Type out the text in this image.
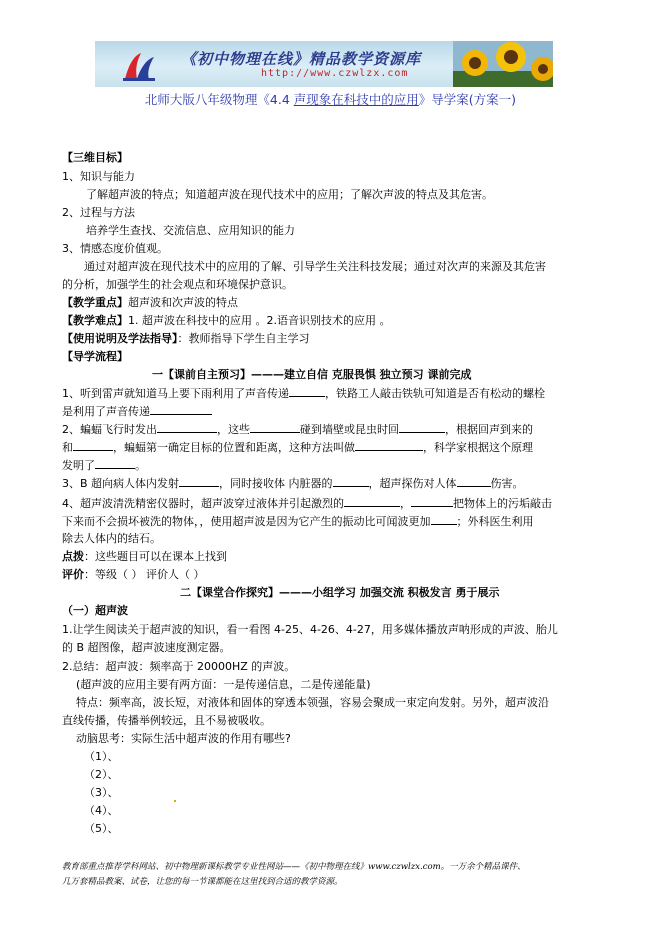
《初中物理在线》精品教学资源库
http://www.czwlzx.com
北师大版八年级物理《4.4 声现象在科技中的应用》导学案(方案一)
【三维目标】
1、知识与能力
了解超声波的特点；知道超声波在现代技术中的应用；了解次声波的特点及其危害。
2、过程与方法
培养学生查找、交流信息、应用知识的能力
3、情感态度价值观。
通过对超声波在现代技术中的应用的了解、引导学生关注科技发展；通过对次声的来源及其危害
的分析，加强学生的社会观点和环境保护意识。
【教学重点】超声波和次声波的特点
【教学难点】1. 超声波在科技中的应用 。2.语音识别技术的应用 。
【使用说明及学法指导】：教师指导下学生自主学习
【导学流程】
一【课前自主预习】———建立自信 克服畏惧 独立预习 课前完成
1、听到雷声就知道马上要下雨利用了声音传递	，铁路工人敲击铁轨可知道是否有松动的螺栓
是利用了声音传递
2、蝙蝠飞行时发出	，这些	碰到墙壁或昆虫时回	，根据回声到来的
和	，蝙蝠第一确定目标的位置和距离，这种方法叫做	，科学家根据这个原理
发明了	。
3、B 超向病人体内发射	，同时接收体 内脏器的	，超声探伤对人体	伤害。
4、超声波清洗精密仪器时，超声波穿过液体并引起激烈的	，	把物体上的污垢敲击
下来而不会损坏被洗的物体，，使用超声波是因为它产生的振动比可闻波更加 ；外科医生利用
除去人体内的结石。
点拨：这些题目可以在课本上找到
评价：等级（ ） 评价人（ ）
二【课堂合作探究】———小组学习 加强交流 积极发言 勇于展示
（一）超声波
1.让学生阅读关于超声波的知识，看一看图 4-25、4-26、4-27，用多媒体播放声呐形成的声波、胎儿
的 B 超图像，超声波速度测定器。
2.总结：超声波：频率高于 20000HZ 的声波。
(超声波的应用主要有两方面：一是传递信息，二是传递能量)
特点：频率高，波长短，对液体和固体的穿透本领强，容易会聚成一束定向发射。另外，超声波沿
直线传播，传播举例较远，且不易被吸收。
动脑思考：实际生活中超声波的作用有哪些?
（1）、
（2）、
（3）、
（4）、
（5）、
教育部重点推荐学科网站、初中物理新课标教学专业性网站——《初中物理在线》www.czwlzx.com。一万余个精品课件、
几万套精品教案、试卷，让您的每一节课都能在这里找到合适的教学资源。
